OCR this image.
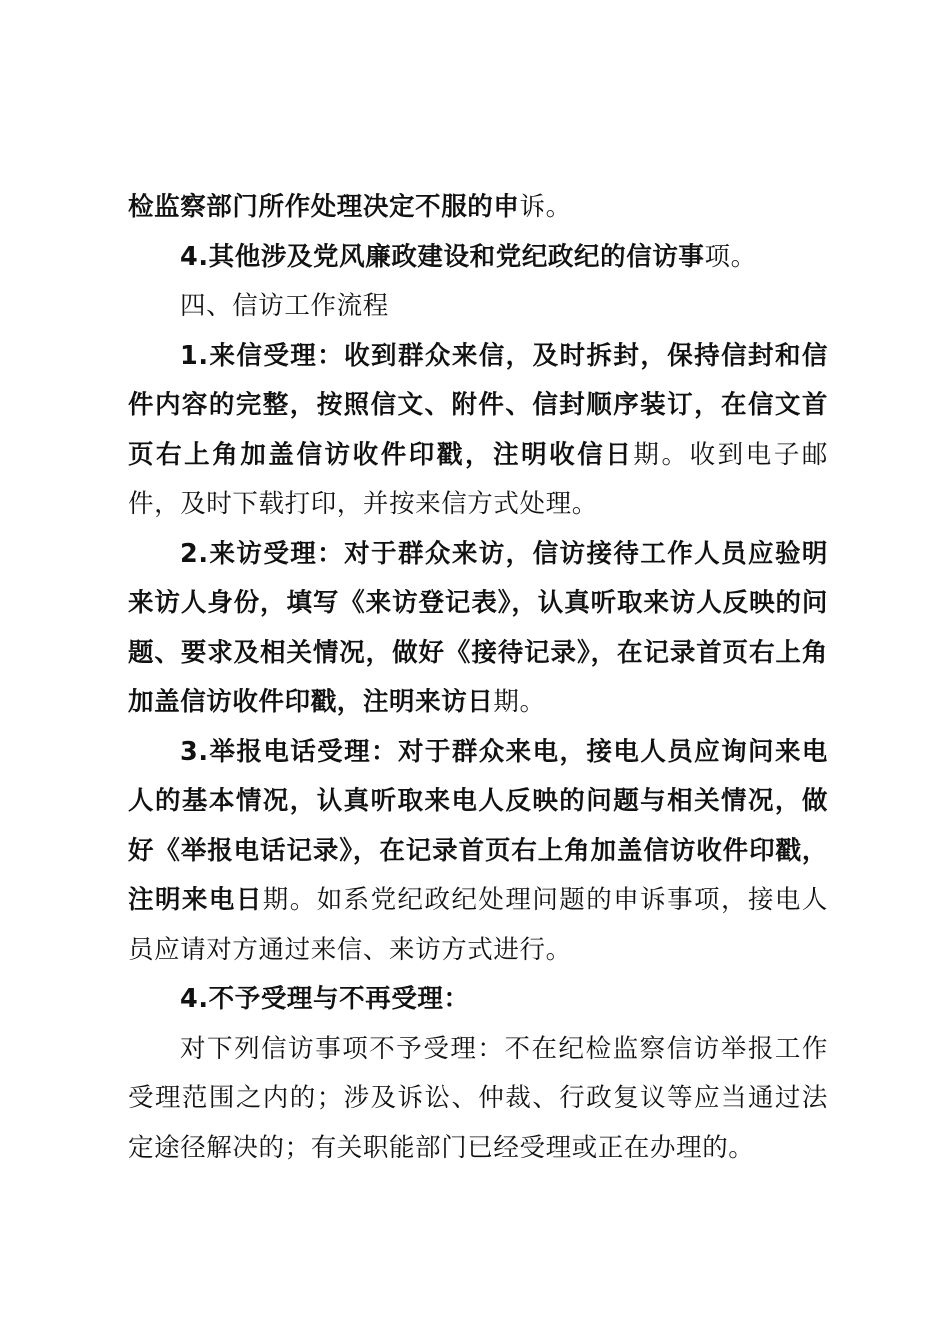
检监察部门所作处理决定不服的申诉。

4.其他涉及党风廉政建设和党纪政纪的信访事项。

四、信访工作流程

1.来信受理：收到群众来信，及时拆封，保持信封和信件内容的完整，按照信文、附件、信封顺序装订，在信文首页右上角加盖信访收件印戳，注明收信日期。收到电子邮件，及时下载打印，并按来信方式处理。

2.来访受理：对于群众来访，信访接待工作人员应验明来访人身份，填写《来访登记表》，认真听取来访人反映的问题、要求及相关情况，做好《接待记录》，在记录首页右上角加盖信访收件印戳，注明来访日期。

3.举报电话受理：对于群众来电，接电人员应询问来电人的基本情况，认真听取来电人反映的问题与相关情况，做好《举报电话记录》，在记录首页右上角加盖信访收件印戳，注明来电日期。如系党纪政纪处理问题的申诉事项，接电人员应请对方通过来信、来访方式进行。

4.不予受理与不再受理：

对下列信访事项不予受理：不在纪检监察信访举报工作受理范围之内的；涉及诉讼、仲裁、行政复议等应当通过法定途径解决的；有关职能部门已经受理或正在办理的。
